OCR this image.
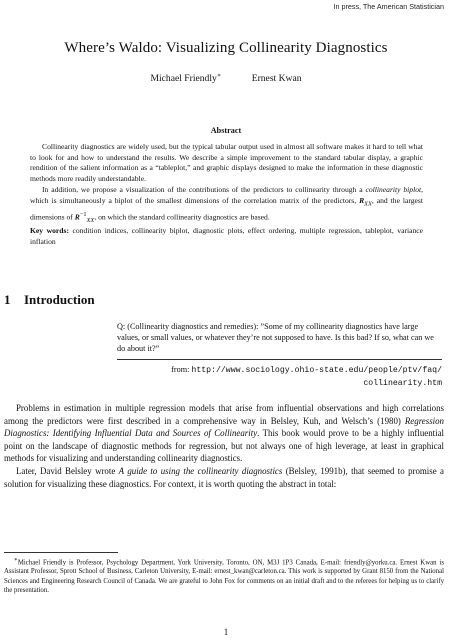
In press, The American Statistician
Where’s Waldo: Visualizing Collinearity Diagnostics
Michael Friendly∗	Ernest Kwan
Abstract

Collinearity diagnostics are widely used, but the typical tabular output used in almost all software makes it hard to tell what to look for and how to understand the results. We describe a simple improvement to the standard tabular display, a graphic rendition of the salient information as a “tableplot,” and graphic displays designed to make the information in these diagnostic methods more readily understandable.

In addition, we propose a visualization of the contributions of the predictors to collinearity through a collinearity biplot, which is simultaneously a biplot of the smallest dimensions of the correlation matrix of the predictors, $R_{XX}$, and the largest dimensions of $R^{-1}_{XX}$, on which the standard collinearity diagnostics are based.

Key words: condition indices, collinearity biplot, diagnostic plots, effect ordering, multiple regression, tableplot, variance inflation

1 Introduction
Q: (Collinearity diagnostics and remedies): ”Some of my collinearity diagnostics have large values, or small values, or whatever they’re not supposed to have. Is this bad? If so, what can we do about it?”
from: http://www.sociology.ohio-state.edu/people/ptv/faq/
collinearity.htm

Problems in estimation in multiple regression models that arise from influential observations and high correlations among the predictors were first described in a comprehensive way in Belsley, Kuh, and Welsch’s (1980) Regression Diagnostics: Identifying Influential Data and Sources of Collinearity. This book would prove to be a highly influential point on the landscape of diagnostic methods for regression, but not always one of high leverage, at least in graphical methods for visualizing and understanding collinearity diagnostics.

Later, David Belsley wrote A guide to using the collinearity diagnostics (Belsley, 1991b), that seemed to promise a solution for visualizing these diagnostics. For context, it is worth quoting the abstract in total:

∗Michael Friendly is Professor, Psychology Department, York University, Toronto, ON, M3J 1P3 Canada, E-mail: friendly@yorku.ca. Ernest Kwan is Assistant Professor, Sprott School of Business, Carleton University, E-mail: ernest_kwan@carleton.ca. This work is supported by Grant 8150 from the National Sciences and Engineering Research Council of Canada. We are grateful to John Fox for comments on an initial draft and to the referees for helping us to clarify the presentation.

1
